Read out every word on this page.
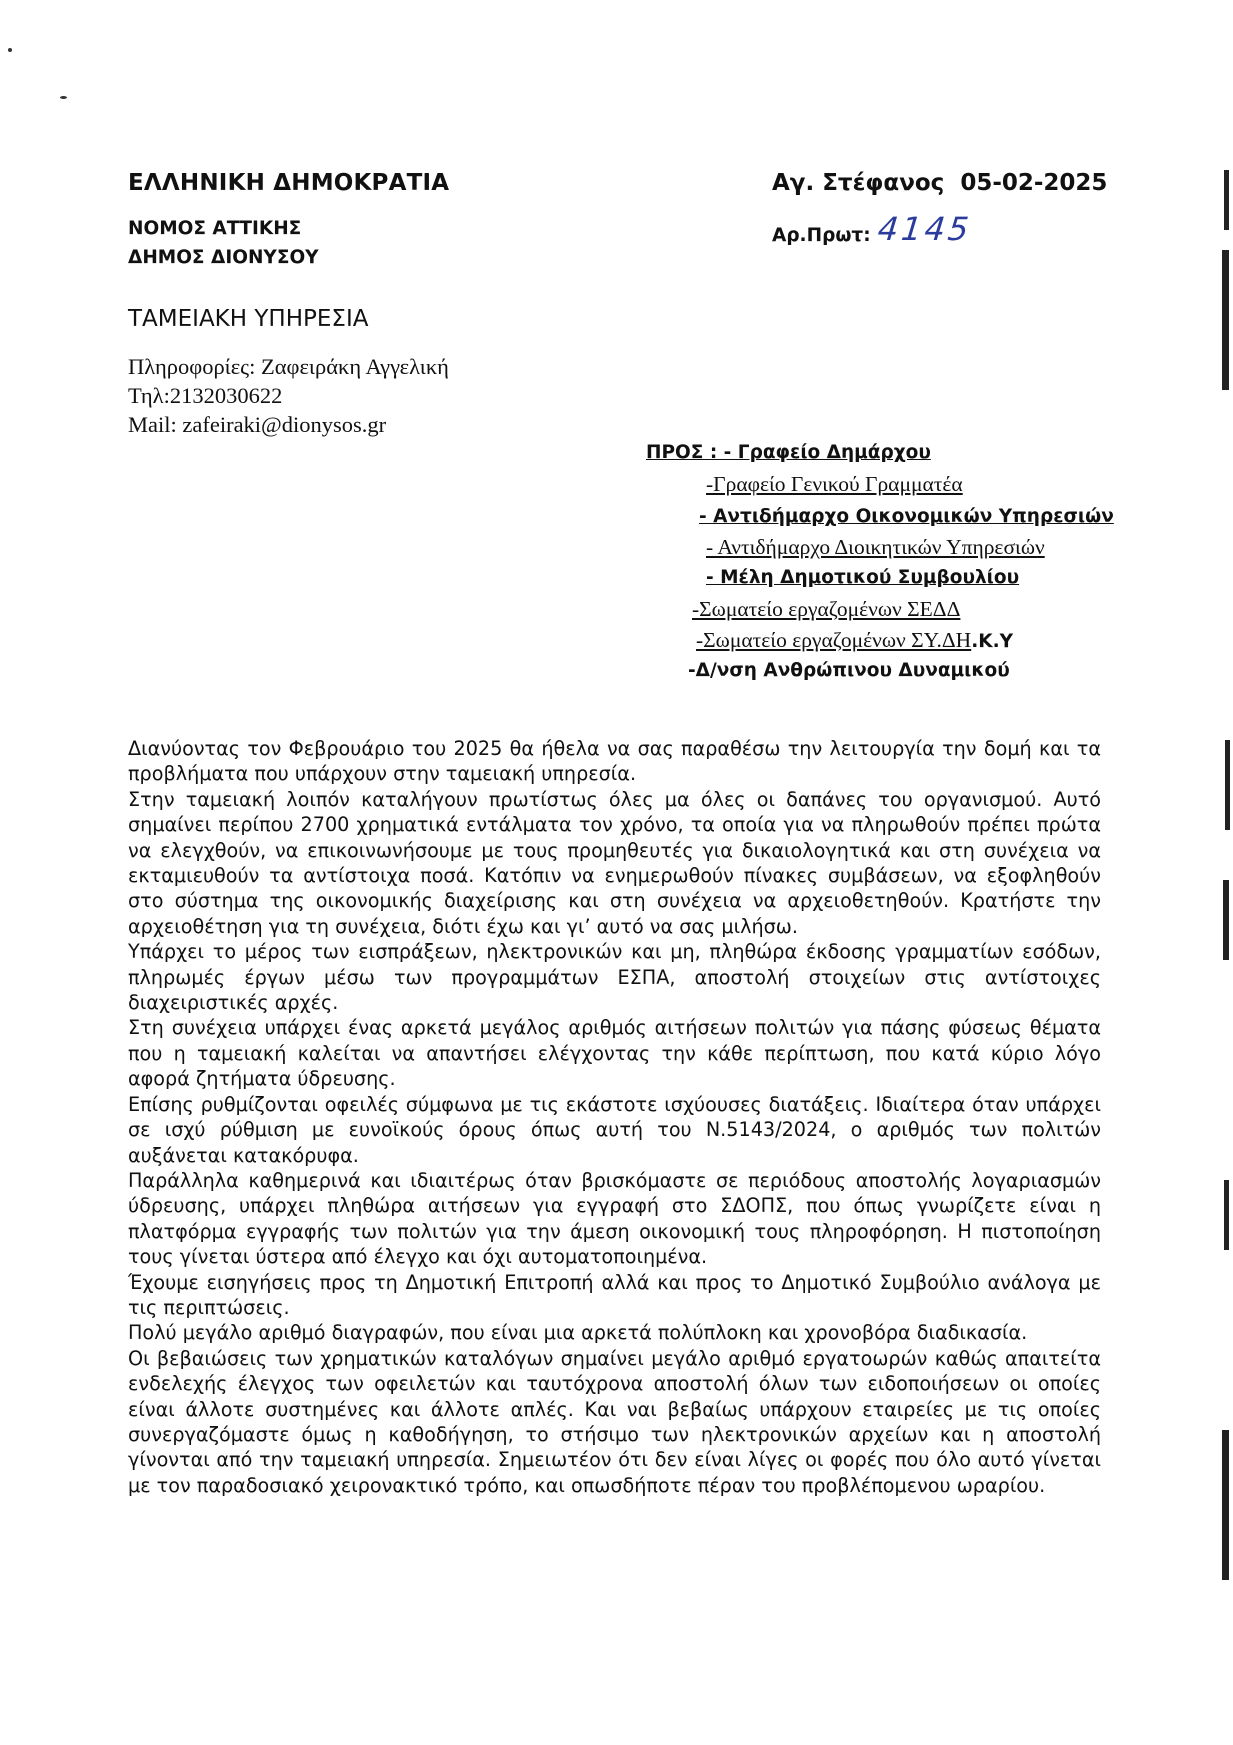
ΕΛΛΗΝΙΚΗ ΔΗΜΟΚΡΑΤΙΑ
ΝΟΜΟΣ ΑΤΤΙΚΗΣ
ΔΗΜΟΣ ΔΙΟΝΥΣΟΥ
Αγ. Στέφανος  05-02-2025
Αρ.Πρωτ: 4145
ΤΑΜΕΙΑΚΗ ΥΠΗΡΕΣΙΑ
Πληροφορίες: Ζαφειράκη Αγγελική
Τηλ:2132030622
Mail: zafeiraki@dionysos.gr
ΠΡΟΣ : - Γραφείο Δημάρχου
-Γραφείο Γενικού Γραμματέα
- Αντιδήμαρχο Οικονομικών Υπηρεσιών
- Αντιδήμαρχο Διοικητικών Υπηρεσιών
- Μέλη Δημοτικού Συμβουλίου
-Σωματείο εργαζομένων ΣΕΔΔ
-Σωματείο εργαζομένων ΣΥ.ΔΗ.Κ.Υ
-Δ/νση Ανθρώπινου Δυναμικού

Διανύοντας τον Φεβρουάριο του 2025 θα ήθελα να σας παραθέσω την λειτουργία την δομή και τα προβλήματα που υπάρχουν στην ταμειακή υπηρεσία.

Στην ταμειακή λοιπόν καταλήγουν πρωτίστως όλες μα όλες οι δαπάνες του οργανισμού. Αυτό σημαίνει περίπου 2700 χρηματικά εντάλματα τον χρόνο, τα οποία για να πληρωθούν πρέπει πρώτα να ελεγχθούν, να επικοινωνήσουμε με τους προμηθευτές για δικαιολογητικά και στη συνέχεια να εκταμιευθούν τα αντίστοιχα ποσά. Κατόπιν να ενημερωθούν πίνακες συμβάσεων, να εξοφληθούν στο σύστημα της οικονομικής διαχείρισης και στη συνέχεια να αρχειοθετηθούν. Κρατήστε την αρχειοθέτηση για τη συνέχεια, διότι έχω και γι’ αυτό να σας μιλήσω.

Υπάρχει το μέρος των εισπράξεων, ηλεκτρονικών και μη, πληθώρα έκδοσης γραμματίων εσόδων, πληρωμές έργων μέσω των προγραμμάτων ΕΣΠΑ, αποστολή στοιχείων στις αντίστοιχες διαχειριστικές αρχές.

Στη συνέχεια υπάρχει ένας αρκετά μεγάλος αριθμός αιτήσεων πολιτών για πάσης φύσεως θέματα που η ταμειακή καλείται να απαντήσει ελέγχοντας την κάθε περίπτωση, που κατά κύριο λόγο αφορά ζητήματα ύδρευσης.

Επίσης ρυθμίζονται οφειλές σύμφωνα με τις εκάστοτε ισχύουσες διατάξεις. Ιδιαίτερα όταν υπάρχει σε ισχύ ρύθμιση με ευνοϊκούς όρους όπως αυτή του Ν.5143/2024, ο αριθμός των πολιτών αυξάνεται κατακόρυφα.

Παράλληλα καθημερινά και ιδιαιτέρως όταν βρισκόμαστε σε περιόδους αποστολής λογαριασμών ύδρευσης, υπάρχει πληθώρα αιτήσεων για εγγραφή στο ΣΔΟΠΣ, που όπως γνωρίζετε είναι η πλατφόρμα εγγραφής των πολιτών για την άμεση οικονομική τους πληροφόρηση. Η πιστοποίηση τους γίνεται ύστερα από έλεγχο και όχι αυτοματοποιημένα.

Έχουμε εισηγήσεις προς τη Δημοτική Επιτροπή αλλά και προς το Δημοτικό Συμβούλιο ανάλογα με τις περιπτώσεις.

Πολύ μεγάλο αριθμό διαγραφών, που είναι μια αρκετά πολύπλοκη και χρονοβόρα διαδικασία.

Οι βεβαιώσεις των χρηματικών καταλόγων σημαίνει μεγάλο αριθμό εργατοωρών καθώς απαιτείτα ενδελεχής έλεγχος των οφειλετών και ταυτόχρονα αποστολή όλων των ειδοποιήσεων οι οποίες είναι άλλοτε συστημένες και άλλοτε απλές. Και ναι βεβαίως υπάρχουν εταιρείες με τις οποίες συνεργαζόμαστε όμως η καθοδήγηση, το στήσιμο των ηλεκτρονικών αρχείων και η αποστολή γίνονται από την ταμειακή υπηρεσία. Σημειωτέον ότι δεν είναι λίγες οι φορές που όλο αυτό γίνεται με τον παραδοσιακό χειρονακτικό τρόπο, και οπωσδήποτε πέραν του προβλέπομενου ωραρίου.
